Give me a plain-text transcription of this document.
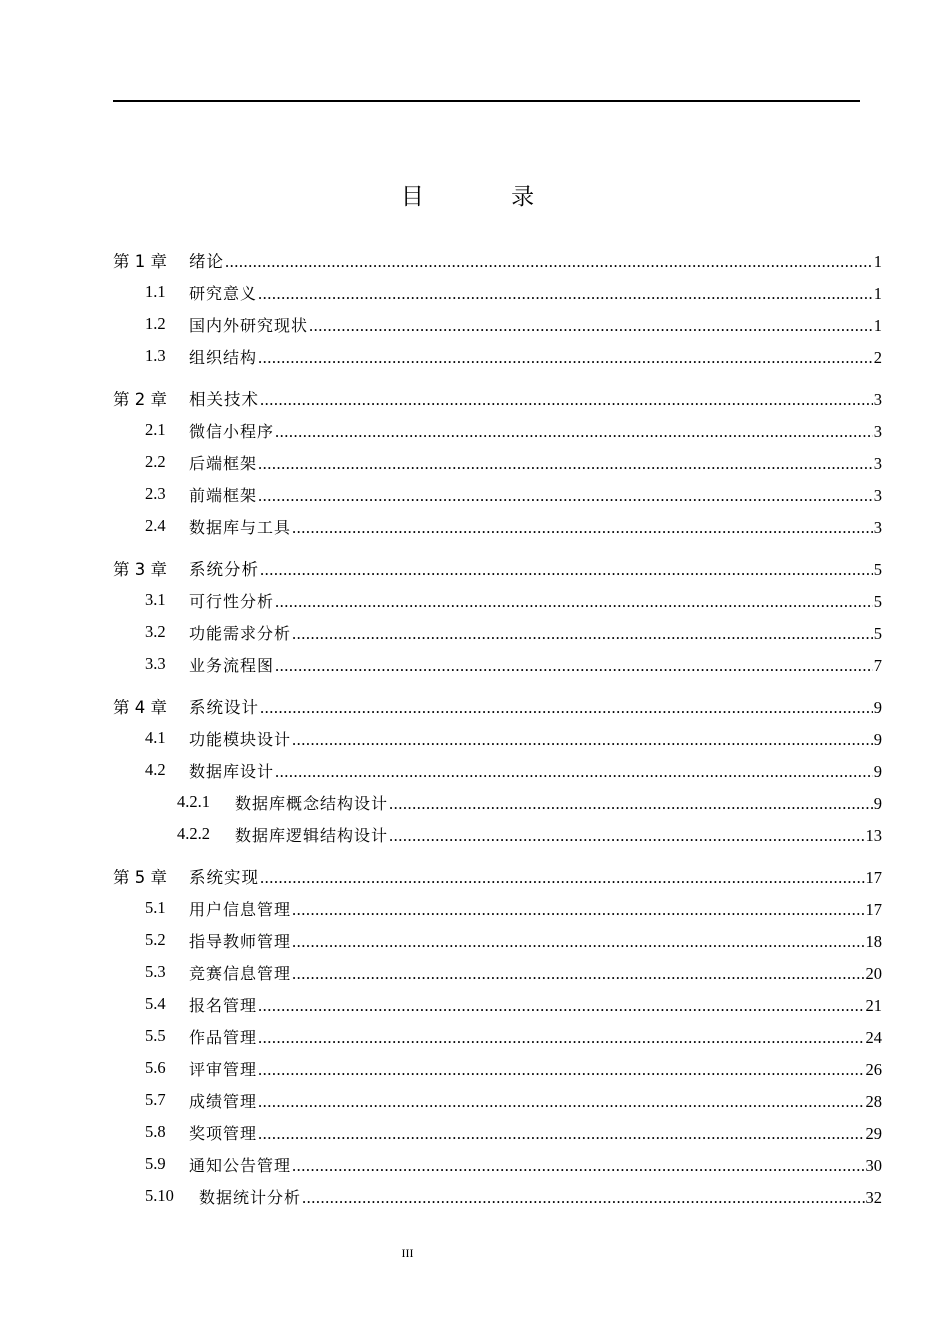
目 录
第 1 章	绪论 .....	1
1.1	研究意义 .....	1
1.2	国内外研究现状 .....	1
1.3	组织结构 .....	2
第 2 章	相关技术 .....	3
2.1	微信小程序 .....	3
2.2	后端框架 .....	3
2.3	前端框架 .....	3
2.4	数据库与工具 .....	3
第 3 章	系统分析 .....	5
3.1	可行性分析 .....	5
3.2	功能需求分析 .....	5
3.3	业务流程图 .....	7
第 4 章	系统设计 .....	9
4.1	功能模块设计 .....	9
4.2	数据库设计 .....	9
4.2.1	数据库概念结构设计 .....	9
4.2.2	数据库逻辑结构设计 .....	13
第 5 章	系统实现 .....	17
5.1	用户信息管理 .....	17
5.2	指导教师管理 .....	18
5.3	竞赛信息管理 .....	20
5.4	报名管理 .....	21
5.5	作品管理 .....	24
5.6	评审管理 .....	26
5.7	成绩管理 .....	28
5.8	奖项管理 .....	29
5.9	通知公告管理 .....	30
5.10	数据统计分析 .....	32
III
